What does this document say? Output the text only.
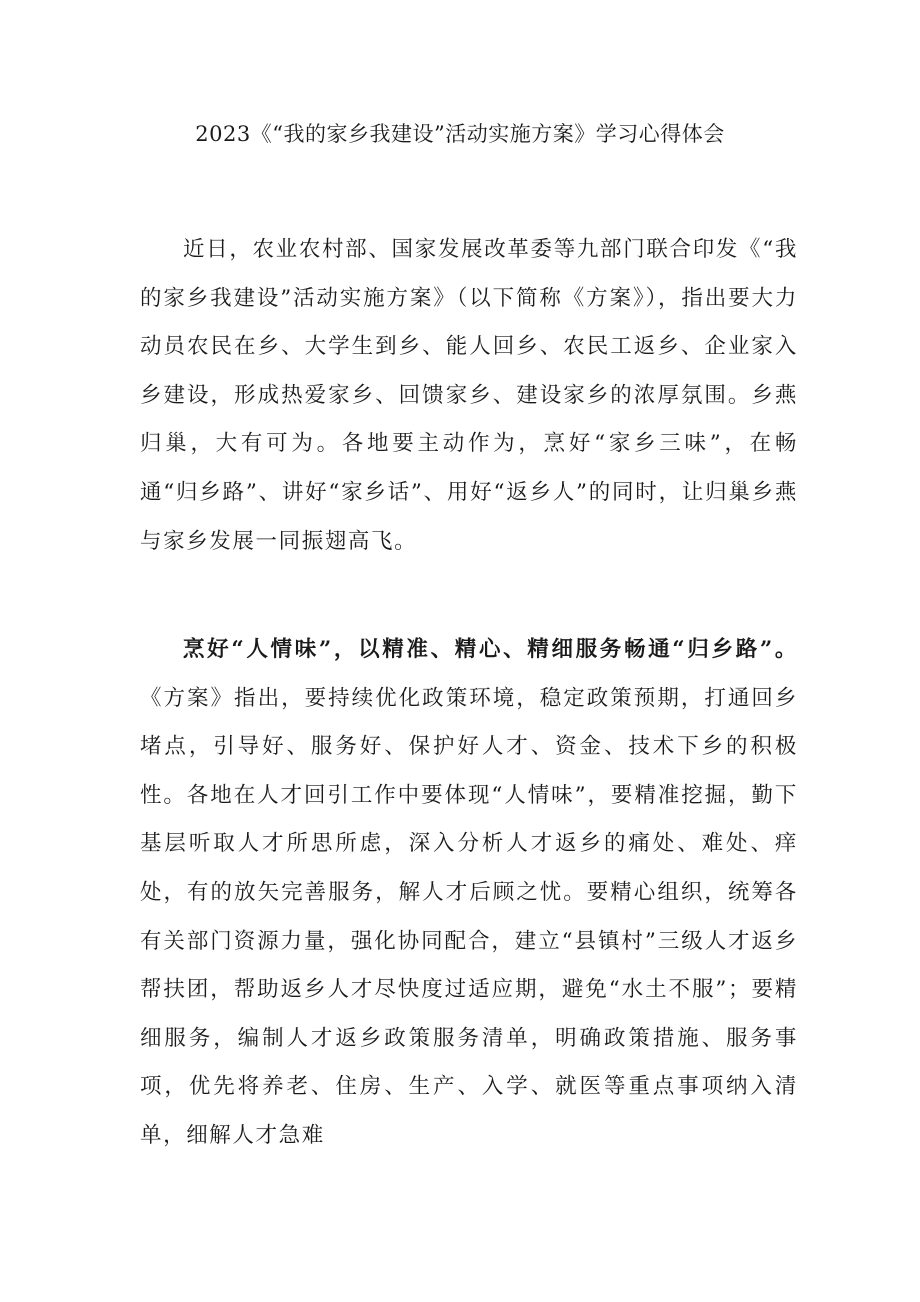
2023《“我的家乡我建设”活动实施方案》学习心得体会

近日，农业农村部、国家发展改革委等九部门联合印发《“我的家乡我建设”活动实施方案》（以下简称《方案》），指出要大力动员农民在乡、大学生到乡、能人回乡、农民工返乡、企业家入乡建设，形成热爱家乡、回馈家乡、建设家乡的浓厚氛围。乡燕归巢，大有可为。各地要主动作为，烹好“家乡三味”，在畅通“归乡路”、讲好“家乡话”、用好“返乡人”的同时，让归巢乡燕与家乡发展一同振翅高飞。

烹好“人情味”，以精准、精心、精细服务畅通“归乡路”。《方案》指出，要持续优化政策环境，稳定政策预期，打通回乡堵点，引导好、服务好、保护好人才、资金、技术下乡的积极性。各地在人才回引工作中要体现“人情味”，要精准挖掘，勤下基层听取人才所思所虑，深入分析人才返乡的痛处、难处、痒处，有的放矢完善服务，解人才后顾之忧。要精心组织，统筹各有关部门资源力量，强化协同配合，建立“县镇村”三级人才返乡帮扶团，帮助返乡人才尽快度过适应期，避免“水土不服”；要精细服务，编制人才返乡政策服务清单，明确政策措施、服务事项，优先将养老、住房、生产、入学、就医等重点事项纳入清单，细解人才急难
